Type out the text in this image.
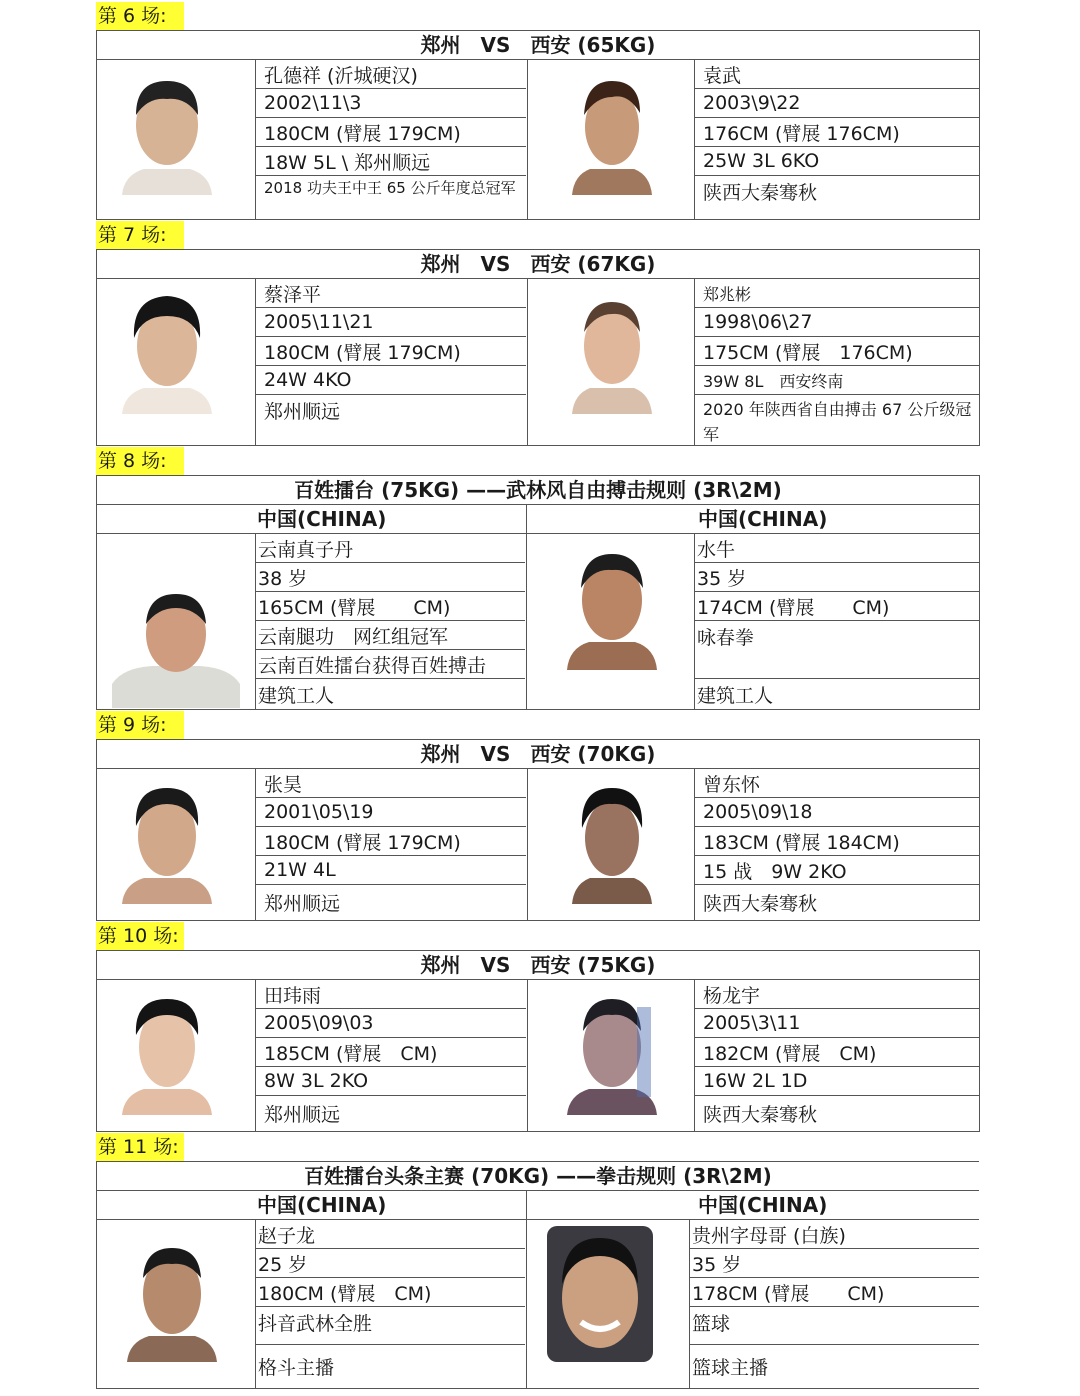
第 6 场:
郑州　VS　西安 (65KG)
孔德祥 (沂城硬汉)
2002\11\3
180CM (臂展 179CM)
18W 5L \ 郑州顺远
2018 功夫王中王 65 公斤年度总冠军
袁武
2003\9\22
176CM (臂展 176CM)
25W 3L 6KO
陕西大秦骞秋
第 7 场:
郑州　VS　西安 (67KG)
蔡泽平
2005\11\21
180CM (臂展 179CM)
24W 4KO
郑州顺远
郑兆彬
1998\06\27
175CM (臂展　176CM)
39W 8L　西安终南
2020 年陕西省自由搏击 67 公斤级冠军
第 8 场:
百姓擂台 (75KG) ——武林风自由搏击规则 (3R\2M)
中国(CHINA)	中国(CHINA)
云南真子丹
38 岁
165CM (臂展　　CM)
云南腿功　网红组冠军
云南百姓擂台获得百姓搏击
建筑工人
水牛
35 岁
174CM (臂展　　CM)
咏春拳
建筑工人
第 9 场:
郑州　VS　西安 (70KG)
张昊
2001\05\19
180CM (臂展 179CM)
21W 4L
郑州顺远
曾东怀
2005\09\18
183CM (臂展 184CM)
15 战　9W 2KO
陕西大秦骞秋
第 10 场:
郑州　VS　西安 (75KG)
田玮雨
2005\09\03
185CM (臂展　CM)
8W 3L 2KO
郑州顺远
杨龙宇
2005\3\11
182CM (臂展　CM)
16W 2L 1D
陕西大秦骞秋
第 11 场:
百姓擂台头条主赛 (70KG) ——拳击规则 (3R\2M)
中国(CHINA)	中国(CHINA)
赵子龙
25 岁
180CM (臂展　CM)
抖音武林全胜
格斗主播
贵州字母哥 (白族)
35 岁
178CM (臂展　　CM)
篮球
篮球主播
